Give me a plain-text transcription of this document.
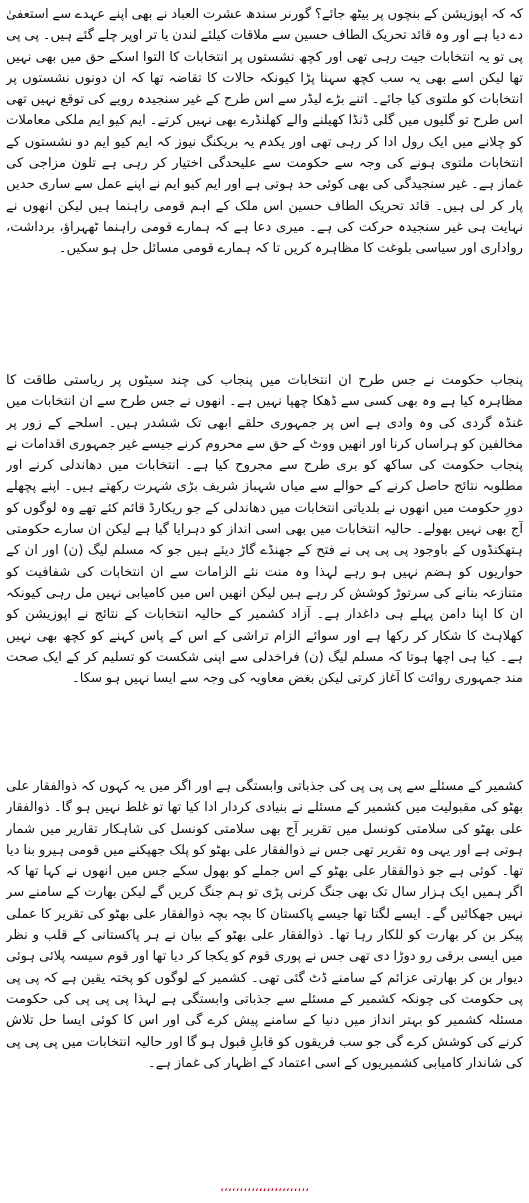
کہ کہ اپوزیشن کے بنچوں پر بیٹھ جائے؟ گورنر سندھ عشرت العباد نے بھی اپنے عہدے سے استعفیٰ دے دیا ہے اور وہ قائد تحریک الطاف حسین سے ملاقات کیلئے لندن یا تر اوپر چلے گئے ہیں۔ پی پی پی تو یہ انتخابات جیت رہی تھی اور کچھ نشستوں پر انتخابات کا التوا اسکے حق میں بھی نہیں تھا لیکن اسے بھی یہ سب کچھ سہنا پڑا کیونکہ حالات کا تقاضہ تھا کہ ان دونوں نشستوں پر انتخابات کو ملتوی کیا جائے۔ اتنے بڑے لیڈر سے اس طرح کے غیر سنجیدہ رویے کی توقع نہیں تھی اس طرح تو گلیوں میں گلی ڈنڈا کھیلنے والے کھلنڈرے بھی نہیں کرتے۔ ایم کیو ایم ملکی معاملات کو چلانے میں ایک رول ادا کر رہی تھی اور یکدم یہ بریکنگ نیوز کہ ایم کیو ایم دو نشستوں کے انتخابات ملتوی ہونے کی وجہ سے حکومت سے علیحدگی اختیار کر رہی ہے تلون مزاجی کی غماز ہے۔ غیر سنجیدگی کی بھی کوئی حد ہوتی ہے اور ایم کیو ایم نے اپنے عمل سے ساری حدیں پار کر لی ہیں۔ قائد تحریک الطاف حسین اس ملک کے اہم قومی راہنما ہیں لیکن انھوں نے نہایت ہی غیر سنجیدہ حرکت کی ہے۔ میری دعا ہے کہ ہمارے قومی راہنما ٹھہراؤ، برداشت، رواداری اور سیاسی بلوغت کا مظاہرہ کریں تا کہ ہمارے قومی مسائل حل ہو سکیں۔

پنجاب حکومت نے جس طرح ان انتخابات میں پنجاب کی چند سیٹوں پر ریاستی طاقت کا مظاہرہ کیا ہے وہ بھی کسی سے ڈھکا چھپا نہیں ہے۔ انھوں نے جس طرح سے ان انتخابات میں غنڈہ گردی کی وہ وادی ہے اس پر جمہوری حلقے ابھی تک ششدر ہیں۔ اسلحے کے زور پر مخالفین کو ہراساں کرنا اور انھیں ووٹ کے حق سے محروم کرنے جیسے غیر جمہوری اقدامات نے پنجاب حکومت کی ساکھ کو بری طرح سے مجروح کیا ہے۔ انتخابات میں دھاندلی کرنے اور مطلوبہ نتائج حاصل کرنے کے حوالے سے میاں شہباز شریف بڑی شہرت رکھتے ہیں۔ اپنے پچھلے دورِ حکومت میں انھوں نے بلدیاتی انتخابات میں دھاندلی کے جو ریکارڈ قائم کئے تھے وہ لوگوں کو آج بھی نہیں بھولے۔ حالیہ انتخابات میں بھی اسی انداز کو دہرایا گیا ہے لیکن ان سارے حکومتی ہتھکنڈوں کے باوجود پی پی پی نے فتح کے جھنڈے گاڑ دیئے ہیں جو کہ مسلم لیگ (ن) اور ان کے حواریوں کو ہضم نہیں ہو رہے لہذا وہ منت نئے الزامات سے ان انتخابات کی شفافیت کو متنازعہ بنانے کی سرتوڑ کوشش کر رہے ہیں لیکن انھیں اس میں کامیابی نہیں مل رہی کیونکہ ان کا اپنا دامن پہلے ہی داغدار ہے۔ آزاد کشمیر کے حالیہ انتخابات کے نتائج نے اپوزیشن کو کھلاہٹ کا شکار کر رکھا ہے اور سوائے الزام تراشی کے اس کے پاس کہنے کو کچھ بھی نہیں ہے۔ کیا ہی اچھا ہوتا کہ مسلم لیگ (ن) فراخدلی سے اپنی شکست کو تسلیم کر کے ایک صحت مند جمہوری روائت کا آغاز کرتی لیکن بغض معاویہ کی وجہ سے ایسا نہیں ہو سکا۔

کشمیر کے مسئلے سے پی پی پی کی جذباتی وابستگی ہے اور اگر میں یہ کہوں کہ ذوالفقار علی بھٹو کی مقبولیت میں کشمیر کے مسئلے نے بنیادی کردار ادا کیا تھا تو غلط نہیں ہو گا۔ ذوالفقار علی بھٹو کی سلامتی کونسل میں تقریر آج بھی سلامتی کونسل کی شاہکار تقاریر میں شمار ہوتی ہے اور یہی وہ تقریر تھی جس نے ذوالفقار علی بھٹو کو پلک جھپکنے میں قومی ہیرو بنا دیا تھا۔ کوئی ہے جو ذوالفقار علی بھٹو کے اس جملے کو بھول سکے جس میں انھوں نے کہا تھا کہ اگر ہمیں ایک ہزار سال تک بھی جنگ کرنی پڑی تو ہم جنگ کریں گے لیکن بھارت کے سامنے سر نہیں جھکائیں گے۔ ایسے لگتا تھا جیسے پاکستان کا بچہ بچہ ذوالفقار علی بھٹو کی تقریر کا عملی پیکر بن کر بھارت کو للکار رہا تھا۔ ذوالفقار علی بھٹو کے بیان نے ہر پاکستانی کے قلب و نظر میں ایسی برقی رو دوڑا دی تھی جس نے پوری قوم کو یکجا کر دیا تھا اور قوم سیسہ پلائی ہوئی دیوار بن کر بھارتی عزائم کے سامنے ڈٹ گئی تھی۔ کشمیر کے لوگوں کو پختہ یقین ہے کہ پی پی پی حکومت کی چونکہ کشمیر کے مسئلے سے جذباتی وابستگی ہے لہذا پی پی پی کی حکومت مسئلہ کشمیر کو بہتر انداز میں دنیا کے سامنے پیش کرے گی اور اس کا کوئی ایسا حل تلاش کرنے کی کوشش کرے گی جو سب فریقوں کو قابلِ قبول ہو گا اور حالیہ انتخابات میں پی پی پی کی شاندار کامیابی کشمیریوں کے اسی اعتماد کے اظہار کی غماز ہے۔

،،،،،،،،،،،،،،،،،،،،،،،
